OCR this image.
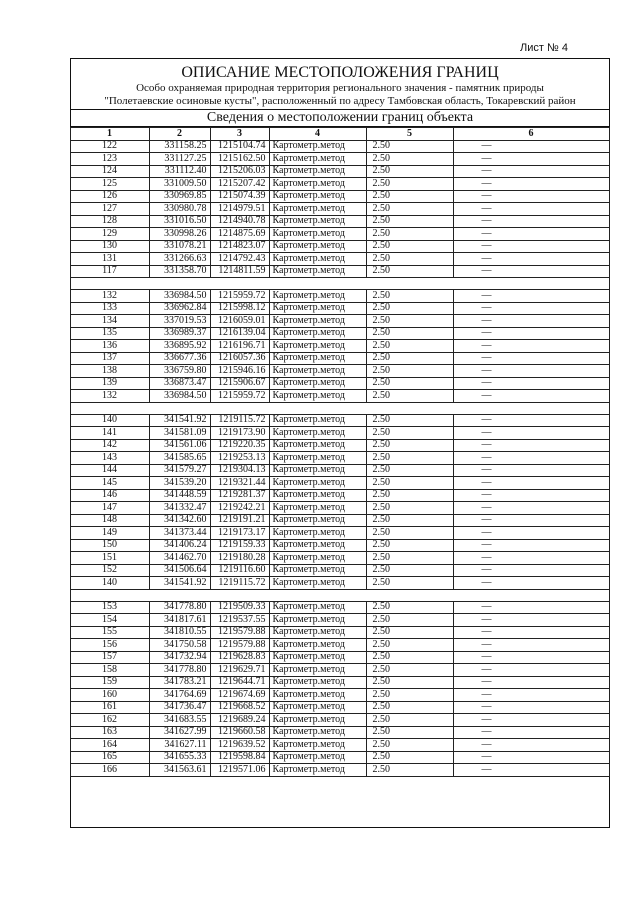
Лист № 4
ОПИСАНИЕ МЕСТОПОЛОЖЕНИЯ ГРАНИЦ
Особо охраняемая природная территория регионального значения - памятник природы
"Полетаевские осиновые кусты", расположенный по адресу Тамбовская область, Токаревский район
Сведения о местоположении границ объекта
1	2	3	4	5	6
122	331158.25	1215104.74	Картометр.метод	2.50	—
123	331127.25	1215162.50	Картометр.метод	2.50	—
124	331112.40	1215206.03	Картометр.метод	2.50	—
125	331009.50	1215207.42	Картометр.метод	2.50	—
126	330969.85	1215074.39	Картометр.метод	2.50	—
127	330980.78	1214979.51	Картометр.метод	2.50	—
128	331016.50	1214940.78	Картометр.метод	2.50	—
129	330998.26	1214875.69	Картометр.метод	2.50	—
130	331078.21	1214823.07	Картометр.метод	2.50	—
131	331266.63	1214792.43	Картометр.метод	2.50	—
117	331358.70	1214811.59	Картометр.метод	2.50	—

132	336984.50	1215959.72	Картометр.метод	2.50	—
133	336962.84	1215998.12	Картометр.метод	2.50	—
134	337019.53	1216059.01	Картометр.метод	2.50	—
135	336989.37	1216139.04	Картометр.метод	2.50	—
136	336895.92	1216196.71	Картометр.метод	2.50	—
137	336677.36	1216057.36	Картометр.метод	2.50	—
138	336759.80	1215946.16	Картометр.метод	2.50	—
139	336873.47	1215906.67	Картометр.метод	2.50	—
132	336984.50	1215959.72	Картометр.метод	2.50	—

140	341541.92	1219115.72	Картометр.метод	2.50	—
141	341581.09	1219173.90	Картометр.метод	2.50	—
142	341561.06	1219220.35	Картометр.метод	2.50	—
143	341585.65	1219253.13	Картометр.метод	2.50	—
144	341579.27	1219304.13	Картометр.метод	2.50	—
145	341539.20	1219321.44	Картометр.метод	2.50	—
146	341448.59	1219281.37	Картометр.метод	2.50	—
147	341332.47	1219242.21	Картометр.метод	2.50	—
148	341342.60	1219191.21	Картометр.метод	2.50	—
149	341373.44	1219173.17	Картометр.метод	2.50	—
150	341406.24	1219159.33	Картометр.метод	2.50	—
151	341462.70	1219180.28	Картометр.метод	2.50	—
152	341506.64	1219116.60	Картометр.метод	2.50	—
140	341541.92	1219115.72	Картометр.метод	2.50	—

153	341778.80	1219509.33	Картометр.метод	2.50	—
154	341817.61	1219537.55	Картометр.метод	2.50	—
155	341810.55	1219579.88	Картометр.метод	2.50	—
156	341750.58	1219579.88	Картометр.метод	2.50	—
157	341732.94	1219628.83	Картометр.метод	2.50	—
158	341778.80	1219629.71	Картометр.метод	2.50	—
159	341783.21	1219644.71	Картометр.метод	2.50	—
160	341764.69	1219674.69	Картометр.метод	2.50	—
161	341736.47	1219668.52	Картометр.метод	2.50	—
162	341683.55	1219689.24	Картометр.метод	2.50	—
163	341627.99	1219660.58	Картометр.метод	2.50	—
164	341627.11	1219639.52	Картометр.метод	2.50	—
165	341655.33	1219598.84	Картометр.метод	2.50	—
166	341563.61	1219571.06	Картометр.метод	2.50	—
